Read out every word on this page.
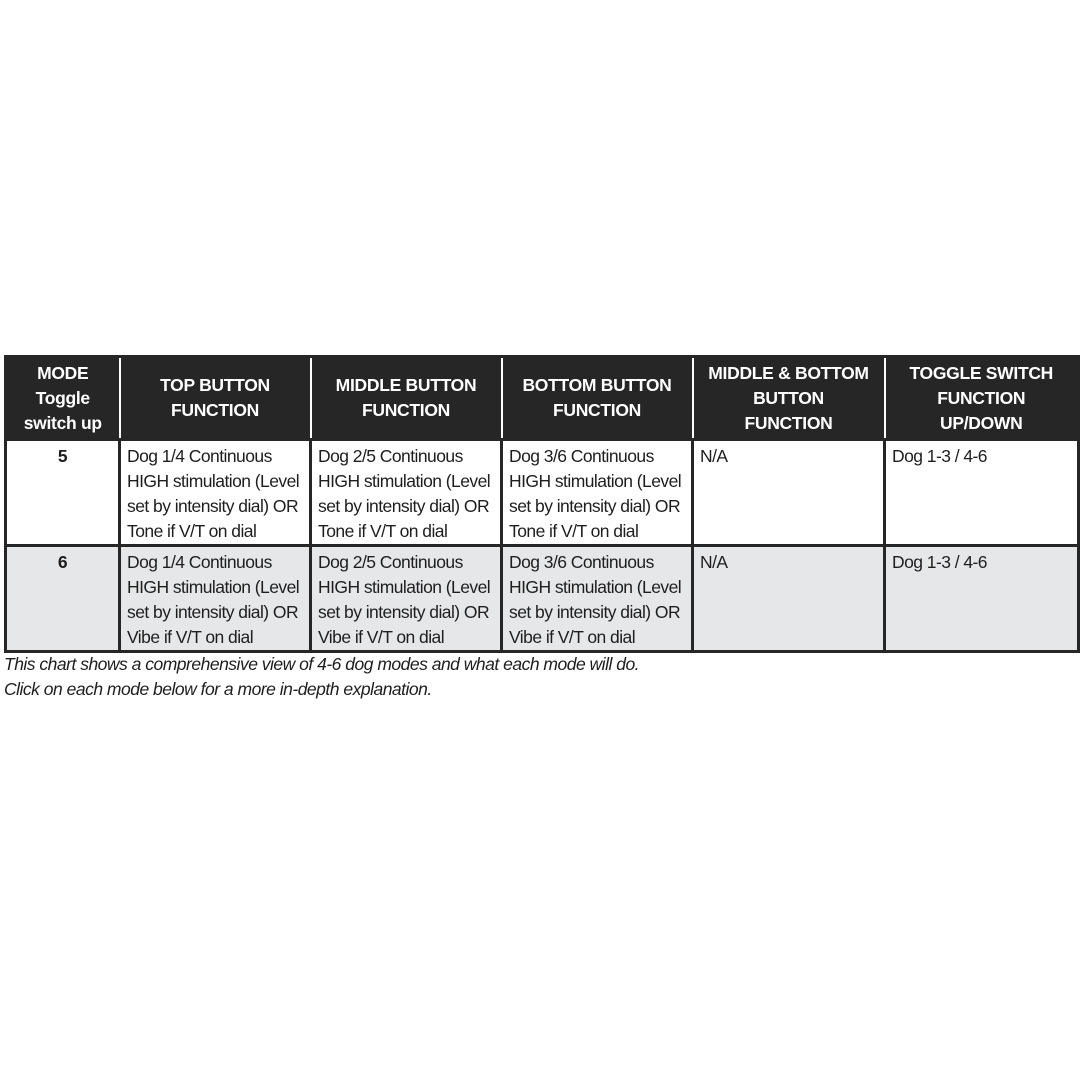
MODE
Toggle
switch up	TOP BUTTON
FUNCTION	MIDDLE BUTTON
FUNCTION	BOTTOM BUTTON
FUNCTION	MIDDLE & BOTTOM
BUTTON
FUNCTION	TOGGLE SWITCH
FUNCTION
UP/DOWN
5	Dog 1/4 Continuous
HIGH stimulation (Level
set by intensity dial) OR
Tone if V/T on dial	Dog 2/5 Continuous
HIGH stimulation (Level
set by intensity dial) OR
Tone if V/T on dial	Dog 3/6 Continuous
HIGH stimulation (Level
set by intensity dial) OR
Tone if V/T on dial	N/A	Dog 1-3 / 4-6
6	Dog 1/4 Continuous
HIGH stimulation (Level
set by intensity dial) OR
Vibe if V/T on dial	Dog 2/5 Continuous
HIGH stimulation (Level
set by intensity dial) OR
Vibe if V/T on dial	Dog 3/6 Continuous
HIGH stimulation (Level
set by intensity dial) OR
Vibe if V/T on dial	N/A	Dog 1-3 / 4-6
This chart shows a comprehensive view of 4-6 dog modes and what each mode will do.
Click on each mode below for a more in-depth explanation.
